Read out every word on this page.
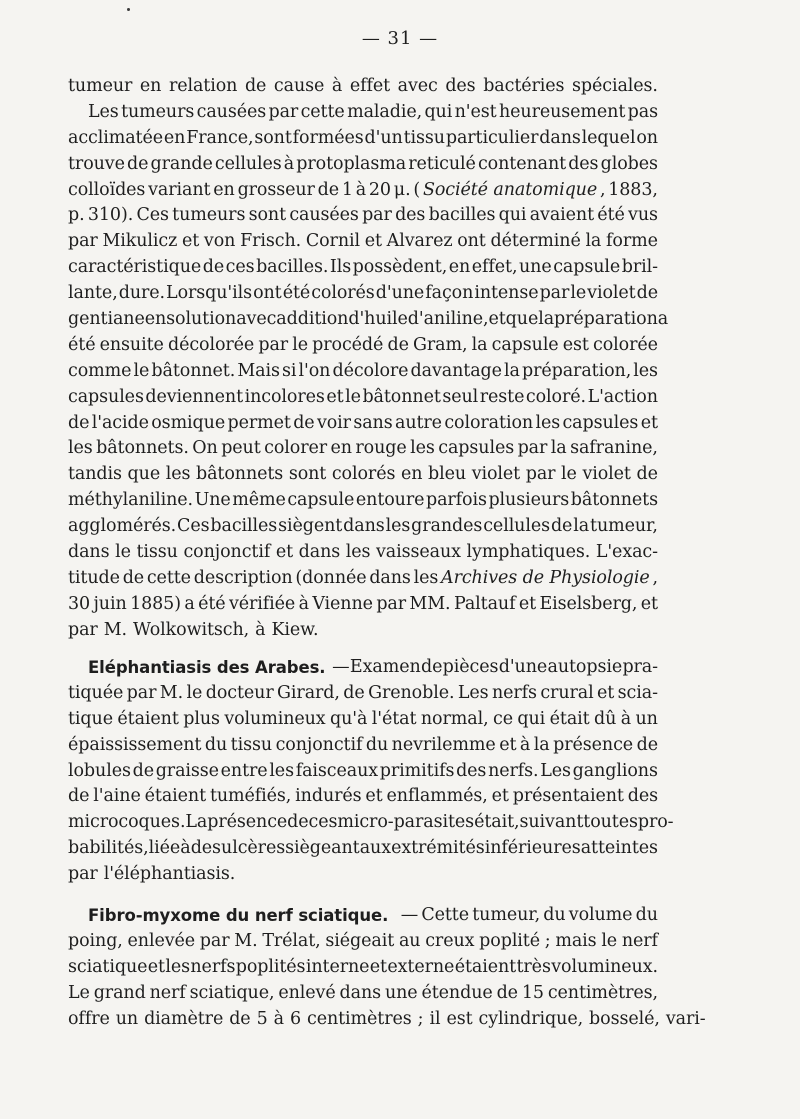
— 31 —
tumeur en relation de cause à effet avec des bactéries spéciales.
Les tumeurs causées par cette maladie, qui n'est heureusement pas
acclimatée en France, sont formées d'un tissu particulier dans lequel on
trouve de grande cellules à protoplasma reticulé contenant des globes
colloïdes variant en grosseur de 1 à 20 μ. ( Société anatomique , 1883,
p. 310). Ces tumeurs sont causées par des bacilles qui avaient été vus
par Mikulicz et von Frisch. Cornil et Alvarez ont déterminé la forme
caractéristique de ces bacilles. Ils possèdent, en effet, une capsule bril-
lante, dure. Lorsqu'ils ont été colorés d'une façon intense par le violet de
gentiane en solution avec addition d'huile d'aniline, et que la préparation a
été ensuite décolorée par le procédé de Gram, la capsule est colorée
comme le bâtonnet. Mais si l'on décolore davantage la préparation, les
capsules deviennent incolores et le bâtonnet seul reste coloré. L'action
de l'acide osmique permet de voir sans autre coloration les capsules et
les bâtonnets. On peut colorer en rouge les capsules par la safranine,
tandis que les bâtonnets sont colorés en bleu violet par le violet de
méthylaniline. Une même capsule entoure parfois plusieurs bâtonnets
agglomérés. Ces bacilles siègent dans les grandes cellules de la tumeur,
dans le tissu conjonctif et dans les vaisseaux lymphatiques. L'exac-
titude de cette description (donnée dans les Archives de Physiologie ,
30 juin 1885) a été vérifiée à Vienne par MM. Paltauf et Eiselsberg, et
par M. Wolkowitsch, à Kiew.
Eléphantiasis des Arabes. — Examen de pièces d'une autopsie pra-
tiquée par M. le docteur Girard, de Grenoble. Les nerfs crural et scia-
tique étaient plus volumineux qu'à l'état normal, ce qui était dû à un
épaississement du tissu conjonctif du nevrilemme et à la présence de
lobules de graisse entre les faisceaux primitifs des nerfs. Les ganglions
de l'aine étaient tuméfiés, indurés et enflammés, et présentaient des
microcoques. La présence de ces micro-parasites était, suivant toutes pro-
babilités, liée à des ulcères siègeant aux extrémités inférieures atteintes
par l'éléphantiasis.
Fibro-myxome du nerf sciatique. — Cette tumeur, du volume du
poing, enlevée par M. Trélat, siégeait au creux poplité ; mais le nerf
sciatique et les nerfs poplités interne et externe étaient très volumineux.
Le grand nerf sciatique, enlevé dans une étendue de 15 centimètres,
offre un diamètre de 5 à 6 centimètres ; il est cylindrique, bosselé, vari-
